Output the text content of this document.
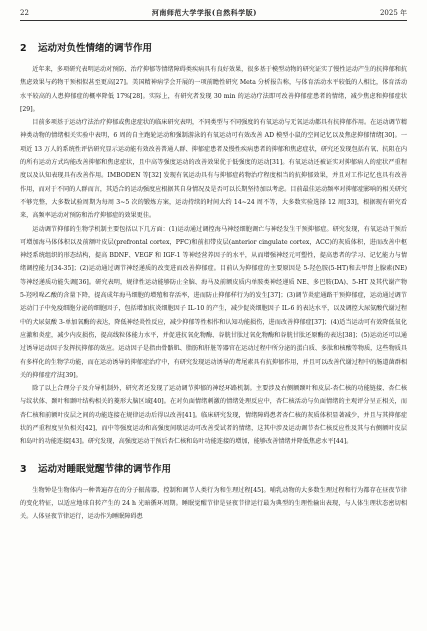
22	河南师范大学学报(自然科学版)	2025 年
2 运动对负性情绪的调节作用

近年来，多项研究表明运动对预防、治疗抑郁等情绪障碍类疾病具有良好效果，很多基于模型动物的研究证实了慢性运动产生的抗抑郁和抗焦虑效果与药物干预相似甚至更高[27]。美国精神病学会开展的一项前瞻性研究 Meta 分析报告称，与体育活动水平较低的人相比，体育活动水平较高的人患抑郁症的概率降低 17%[28]。实际上，有研究者发现 30 min 的运动疗法即可改善抑郁症患者的情绪，减少焦虑和抑郁症状[29]。

目前多项基于运动疗法治疗抑郁或焦虑症状的临床研究表明，不同类型与不同强度的有氧运动与无氧运动都具有抗抑郁作用。在运动调节精神类动物的情绪相关实验中表明，6 周的自主跑轮运动和强制游泳的有氧运动可有效改善 AD 模型小鼠的空间记忆以及焦虑抑郁情绪[30]。一项近 13 万人的系统性评估研究显示运动能有效改善普通人群、抑郁症患者及慢性疾病患者的抑郁和焦虑症状，研究还发现包括有氧、抗阻在内的所有运动方式均能改善抑郁和焦虑症状，且中高等强度运动的改善效果优于低强度的运动[31]。有氧运动还被证实对抑郁病人的症状严重程度以及认知表现具有改善作用。IMBODEN 等[32] 发现有氧运动具有与抑郁症药物治疗程度相当的抗抑郁效果，并且对工作记忆也具有改善作用，而对于不同的人群而言，其适合的运动强度应根据其自身情况及是否可以长期坚持加以考虑。目前最佳运动频率对抑郁症影响的相关研究不够完整，大多数试验周期为每周 3~5 次的锻炼方案，运动持续的时间大约 14~24 周不等，大多数实验选择 12 周[33]，根据现有研究看来，高频率运动对预防和治疗抑郁症的效果更佳。

运动调节抑郁的生物学机制主要包括以下几方面：(1)运动通过调控海马神经细胞调亡与神经发生干预抑郁症。研究发现，有氧运动干预后可增加海马体体积以及前额叶皮层(prefrontal cortex，PFC)和前扣带皮层(anterior cingulate cortex，ACC)的灰质体积，进而改善中枢神经系统组织的形态结构，提高 BDNF、VEGF 和 IGF-1 等神经营养因子的水平，从而增强神经元可塑性，提高患者的学习、记忆能力与情绪调控能力[34-35]；(2)运动通过调节神经递质的改变进而改善抑郁症。目前认为抑郁症的主要原因是 5-羟色胺(5-HT)和去甲肾上腺素(NE)等神经递质功能失调[36]。研究表明，规律性运动能够防止全脑、海马及前额皮质内单胺类神经递质 NE、多巴胺(DA)、5-HT 及其代谢产物 5-羟吲哚乙酸的含量下降，提高成年海马细胞的增殖和存活率，进而防止抑郁样行为的发生[37]；(3)调节炎症通路干预抑郁症，运动通过调节运动门子中免疫细胞分泌的细胞因子，包括增加抗炎细胞因子 IL-10 的产生，减少促炎细胞因子 IL-6 的表达水平，以及调控大尿氨酸代谢过程中的犬尿氨酸 3-单加氧酶的表达，降低神经炎性反应，减少抑郁等性相作和认知功能损伤，进而改善抑郁症[37]；(4)适当运动可有效降低氧化应激和炎症，减少内皮损伤，提高线粒体能力水平，并促进抗氧化物酶、谷胱甘肽过氧化物酶和谷胱甘肽还原酶的表达[38]；(5)运动还可以通过诱导运动因子发挥抗抑郁的效应。运动因子是指由骨骼肌、脂肪和肝脏等器官在运动过程中所分泌的蛋白质、多肽和核酸等物质，这些物质具有多样化的生物学功能，而在运动诱导的抑郁症治疗中，有研究发现运动诱导的鸢尾素具有抗抑郁作用，并且可以改善代谢过程中的肠道菌群相关的抑郁症疗法[39]。

除了以上合理分子及介导机制外，研究者还发现了运动调节抑郁的神经环路机制。主要涉及右侧额颞叶和皮层-杏仁核的功能链接、杏仁核与纹状体、颞叶和颞叶结构相关的菱形大脑区域[40]。在对负面情绪刺激的情绪处理反应中，杏仁核活动与负面情绪的主观评分呈正相关，而杏仁核和前额叶皮层之间的功能连接在规律运动后得以改善[41]。临床研究发现，情绪障碍患者杏仁核的灰质体积显著减少，并且与其抑郁症状的严重程度呈负相关[42]，而中等强度运动和高强度间歇运动可改善受试者的情绪，这其中涉及运动调节杏仁核反应性及其与右侧额叶皮层和岛叶的功能连接[43]。研究发现，高强度运动干预后杏仁核和岛叶功能连接的增加，能够改善情绪并降低焦虑水平[44]。

3 运动对睡眠觉醒节律的调节作用

生物钟是生物体内一种普遍存在的分子振荡器，控制和调节人类行为和生理过程[45]。哺乳动物的大多数生理过程和行为都存在昼夜节律的变化特征，以适应地球自转产生的 24 h 光暗循环周期。睡眠觉醒节律是昼夜节律运行最为典型的生理性输出表现，与人体生理状态密切相关。人体昼夜节律运行，运动作为睡眠障碍患
